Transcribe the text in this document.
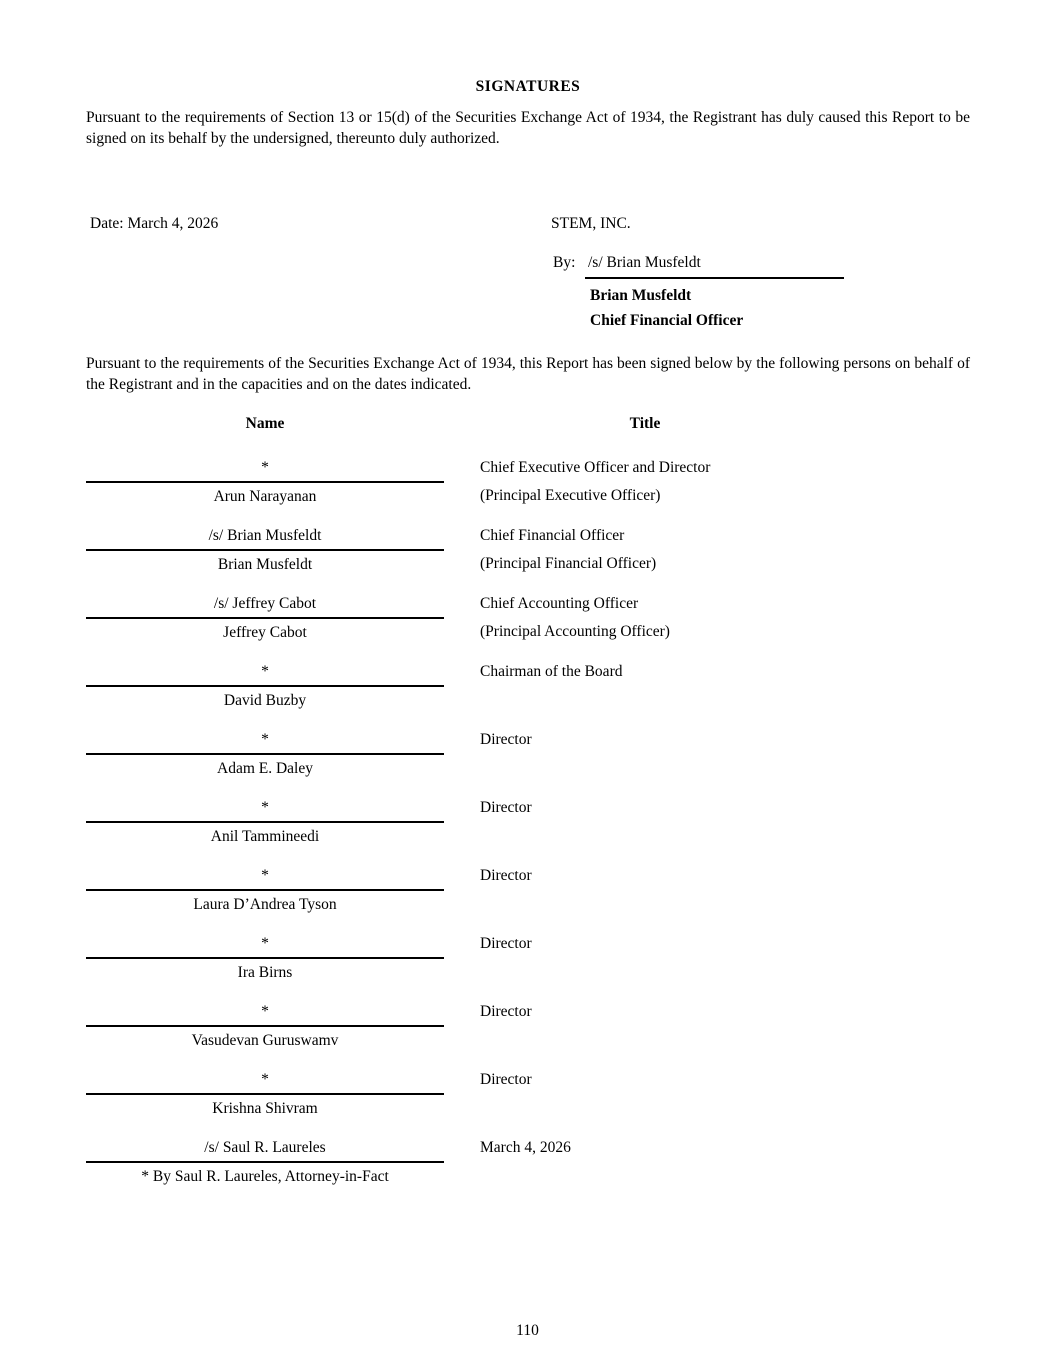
SIGNATURES
Pursuant to the requirements of Section 13 or 15(d) of the Securities Exchange Act of 1934, the Registrant has duly caused this Report to be signed on its behalf by the undersigned, thereunto duly authorized.
Date: March 4, 2026	STEM, INC.
By: /s/ Brian Musfeldt
Brian Musfeldt
Chief Financial Officer
Pursuant to the requirements of the Securities Exchange Act of 1934, this Report has been signed below by the following persons on behalf of the Registrant and in the capacities and on the dates indicated.
Name	Title
*
Arun Narayanan
Chief Executive Officer and Director
(Principal Executive Officer)
/s/ Brian Musfeldt
Brian Musfeldt
Chief Financial Officer
(Principal Financial Officer)
/s/ Jeffrey Cabot
Jeffrey Cabot
Chief Accounting Officer
(Principal Accounting Officer)
*
David Buzby
Chairman of the Board
*
Adam E. Daley
Director
*
Anil Tammineedi
Director
*
Laura D’Andrea Tyson
Director
*
Ira Birns
Director
*
Vasudevan Guruswamv
Director
*
Krishna Shivram
Director
/s/ Saul R. Laureles
* By Saul R. Laureles, Attorney-in-Fact
March 4, 2026
110
